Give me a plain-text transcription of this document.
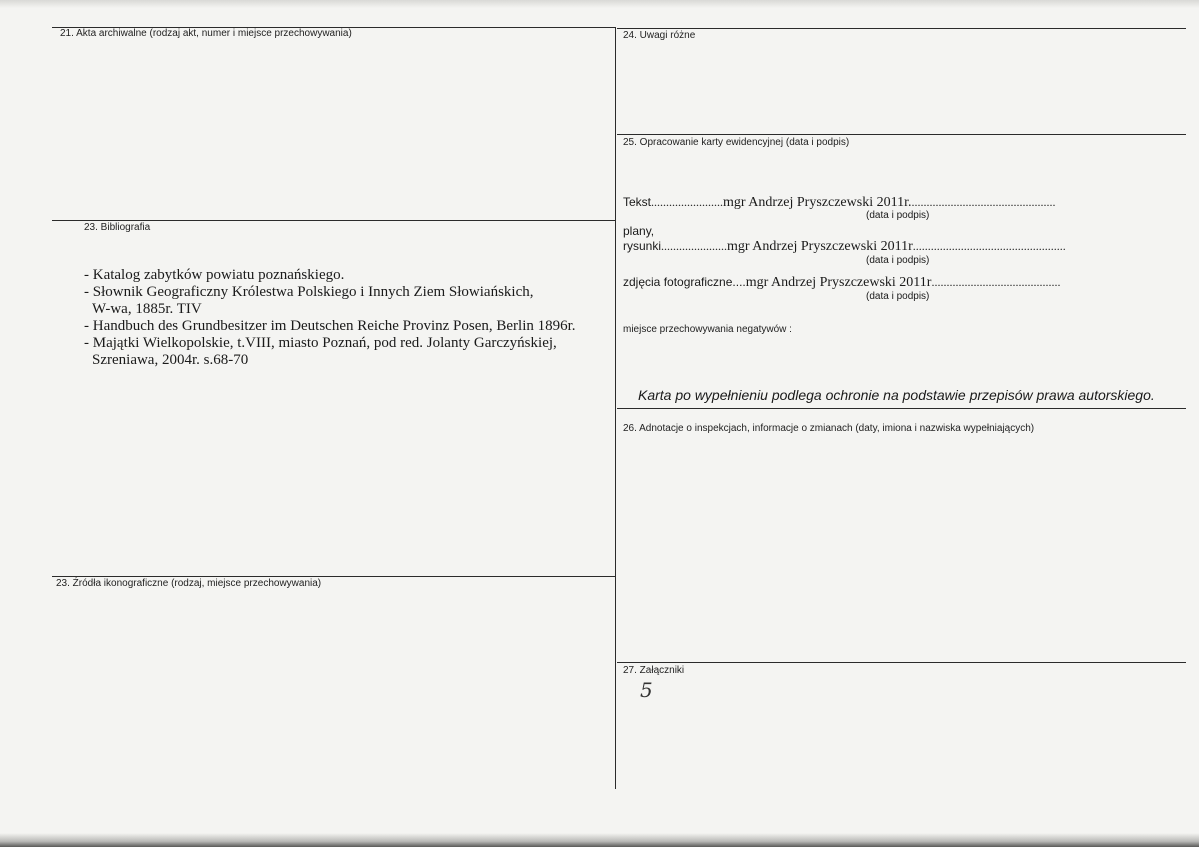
21. Akta archiwalne (rodzaj akt, numer i miejsce przechowywania)
23. Bibliografia
- Katalog zabytków powiatu poznańskiego.
- Słownik Geograficzny Królestwa Polskiego i Innych Ziem Słowiańskich,
W-wa, 1885r. TIV
- Handbuch des Grundbesitzer im Deutschen Reiche Provinz Posen, Berlin 1896r.
- Majątki Wielkopolskie, t.VIII, miasto Poznań, pod red. Jolanty Garczyńskiej,
Szreniawa, 2004r. s.68-70
23. Źródła ikonograficzne (rodzaj, miejsce przechowywania)
24. Uwagi różne
25. Opracowanie karty ewidencyjnej (data i podpis)
Tekst........................mgr Andrzej Pryszczewski 2011r.................................................
(data i podpis)
plany,
rysunki......................mgr Andrzej Pryszczewski 2011r...................................................
(data i podpis)
zdjęcia fotograficzne....mgr Andrzej Pryszczewski 2011r...........................................
(data i podpis)
miejsce przechowywania negatywów :
Karta po wypełnieniu podlega ochronie na podstawie przepisów prawa autorskiego.
26. Adnotacje o inspekcjach, informacje o zmianach (daty, imiona i nazwiska wypełniających)
27. Załączniki
5
